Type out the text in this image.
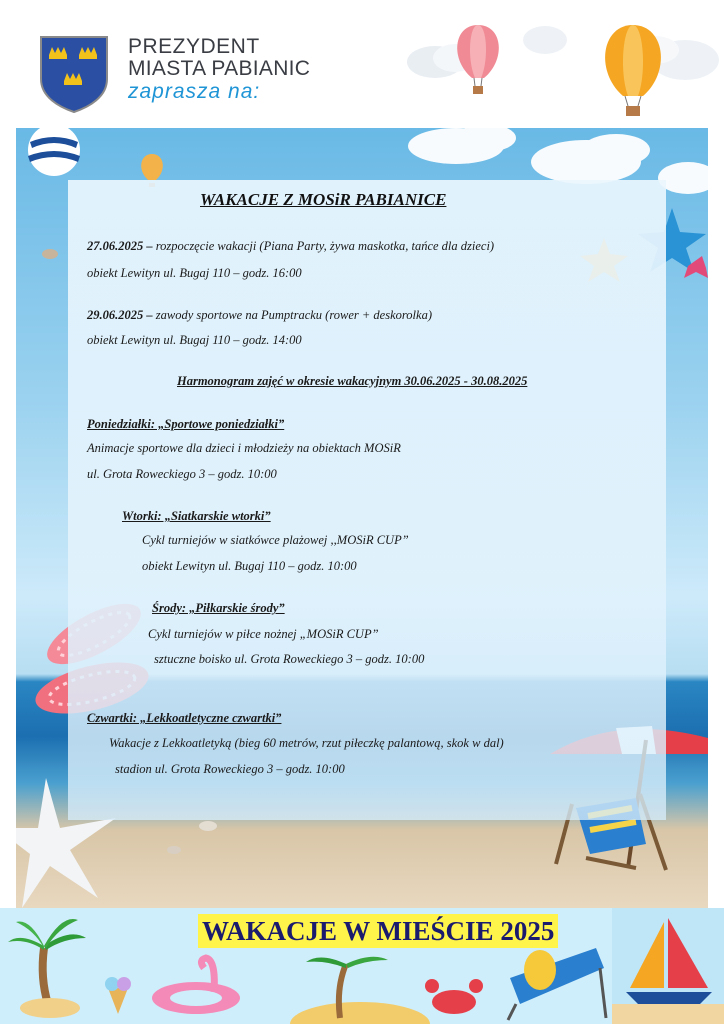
PREZYDENT
MIASTA PABIANIC
zaprasza na:
WAKACJE Z MOSiR PABIANICE
27.06.2025 – rozpoczęcie wakacji (Piana Party, żywa maskotka, tańce dla dzieci)
obiekt Lewityn ul. Bugaj 110 – godz. 16:00
29.06.2025 – zawody sportowe na Pumptracku (rower + deskorolka)
obiekt Lewityn ul. Bugaj 110 – godz. 14:00
Harmonogram zajęć w okresie wakacyjnym 30.06.2025 - 30.08.2025
Poniedziałki: „Sportowe poniedziałki”
Animacje sportowe dla dzieci i młodzieży na obiektach MOSiR
ul. Grota Roweckiego 3 – godz. 10:00
Wtorki: „Siatkarskie wtorki”
Cykl turniejów w siatkówce plażowej ,,MOSiR CUP”
obiekt Lewityn ul. Bugaj 110 – godz. 10:00
Środy: „Piłkarskie środy”
Cykl turniejów w piłce nożnej „MOSiR CUP”
sztuczne boisko ul. Grota Roweckiego 3 – godz. 10:00
Czwartki: „Lekkoatletyczne czwartki”
Wakacje z Lekkoatletyką (bieg 60 metrów, rzut piłeczkę palantową, skok w dal)
stadion ul. Grota Roweckiego 3 – godz. 10:00
WAKACJE W MIEŚCIE 2025
